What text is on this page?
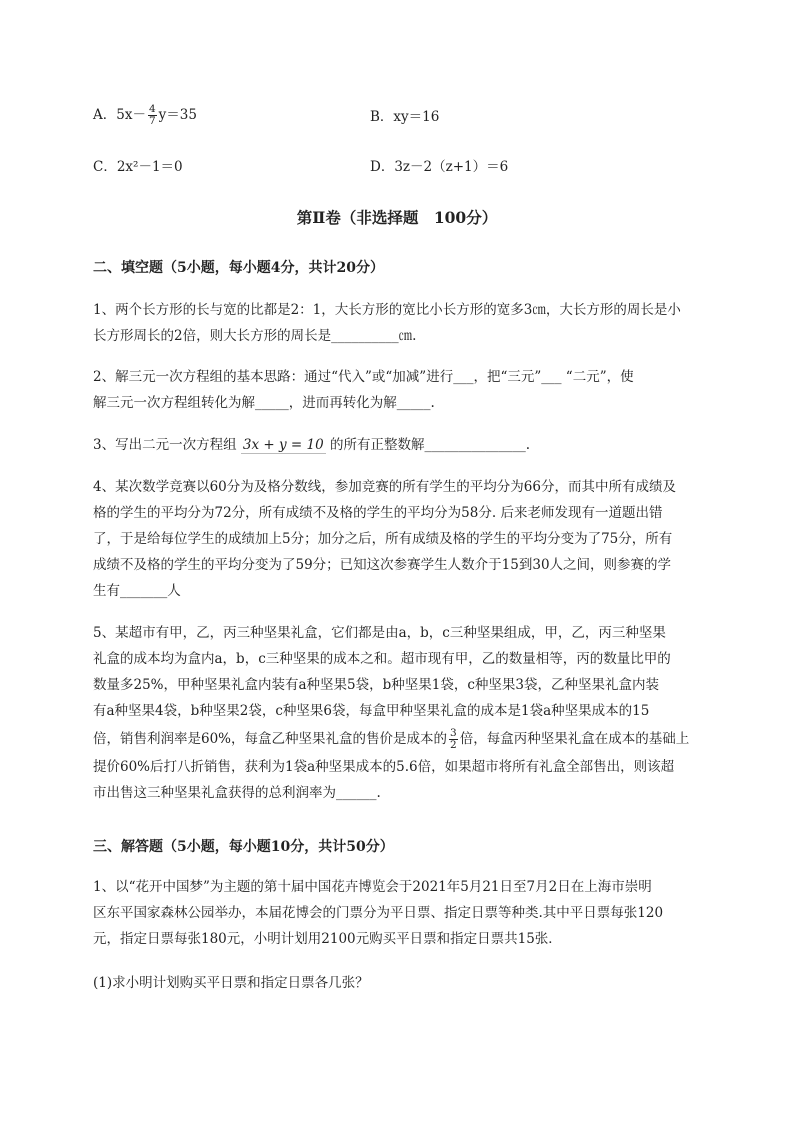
A．$5x- \frac{4}{7} y=35$	B．xy＝16
C．2x²－1＝0	D．3z－2（z+1）＝6
第Ⅱ卷（非选择题　100分）
二、填空题（5小题，每小题4分，共计20分）
1、两个长方形的长与宽的比都是2：1，大长方形的宽比小长方形的宽多3㎝，大长方形的周长是小
长方形周长的2倍，则大长方形的周长是__________㎝.
2、解三元一次方程组的基本思路：通过“代入”或“加减”进行___，把“三元”___ “二元”，使
解三元一次方程组转化为解_____，进而再转化为解_____.
3、写出二元一次方程组 3x + y = 10 的所有正整数解_______________.
4、某次数学竞赛以60分为及格分数线，参加竞赛的所有学生的平均分为66分，而其中所有成绩及
格的学生的平均分为72分，所有成绩不及格的学生的平均分为58分. 后来老师发现有一道题出错
了，于是给每位学生的成绩加上5分；加分之后，所有成绩及格的学生的平均分变为了75分，所有
成绩不及格的学生的平均分变为了59分；已知这次参赛学生人数介于15到30人之间，则参赛的学
生有_______人
5、某超市有甲，乙，丙三种坚果礼盒，它们都是由a，b，c三种坚果组成，甲，乙，丙三种坚果
礼盒的成本均为盒内a，b，c三种坚果的成本之和。超市现有甲，乙的数量相等，丙的数量比甲的
数量多25%，甲种坚果礼盒内装有a种坚果5袋，b种坚果1袋，c种坚果3袋，乙种坚果礼盒内装
有a种坚果4袋，b种坚果2袋，c种坚果6袋，每盒甲种坚果礼盒的成本是1袋a种坚果成本的15
倍，销售利润率是60%，每盒乙种坚果礼盒的售价是成本的 $\frac{3}{2}$ 倍，每盒丙种坚果礼盒在成本的基础上
提价60%后打八折销售，获利为1袋a种坚果成本的5.6倍，如果超市将所有礼盒全部售出，则该超
市出售这三种坚果礼盒获得的总利润率为______.
三、解答题（5小题，每小题10分，共计50分）
1、以“花开中国梦”为主题的第十届中国花卉博览会于2021年5月21日至7月2日在上海市崇明
区东平国家森林公园举办，本届花博会的门票分为平日票、指定日票等种类.其中平日票每张120
元，指定日票每张180元，小明计划用2100元购买平日票和指定日票共15张．
(1)求小明计划购买平日票和指定日票各几张？
